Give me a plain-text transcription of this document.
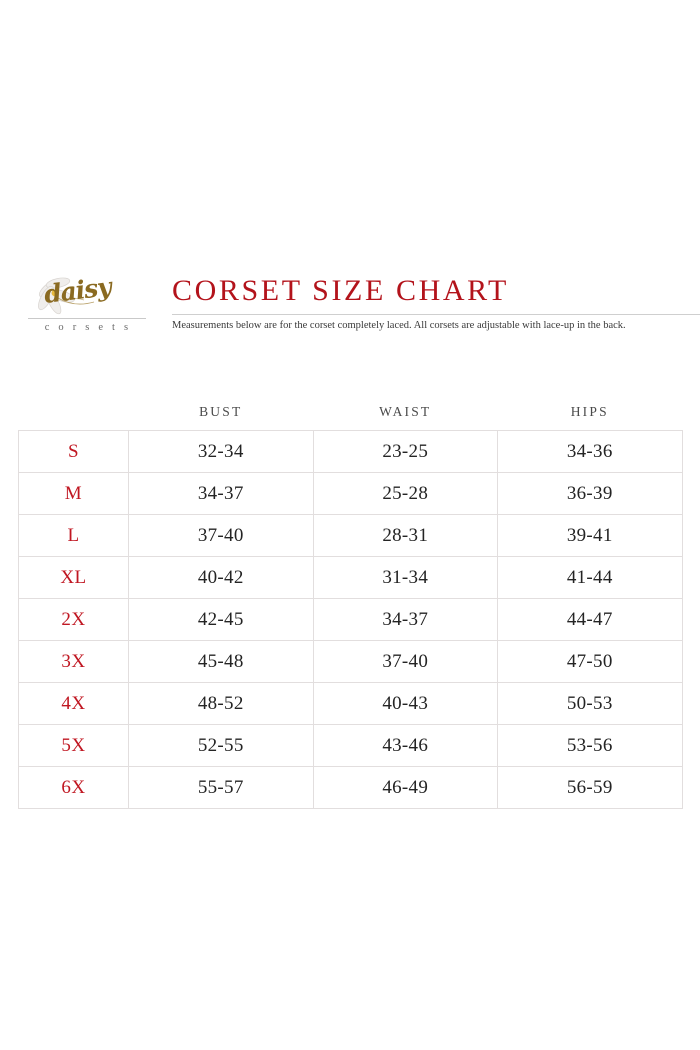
daisy
c o r s e t s
CORSET SIZE CHART
Measurements below are for the corset completely laced. All corsets are adjustable with lace-up in the back.
	BUST	WAIST	HIPS
S	32-34	23-25	34-36
M	34-37	25-28	36-39
L	37-40	28-31	39-41
XL	40-42	31-34	41-44
2X	42-45	34-37	44-47
3X	45-48	37-40	47-50
4X	48-52	40-43	50-53
5X	52-55	43-46	53-56
6X	55-57	46-49	56-59
